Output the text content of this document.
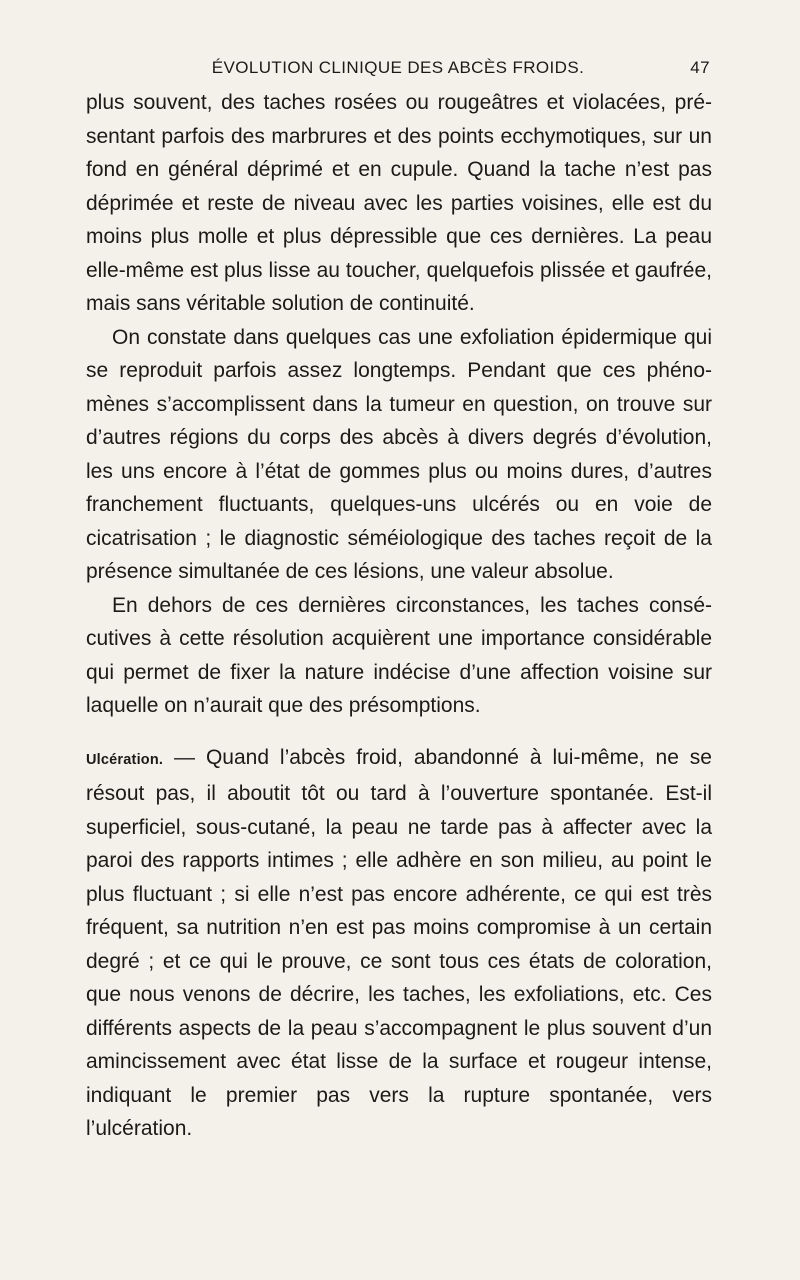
ÉVOLUTION CLINIQUE DES ABCÈS FROIDS.	47

plus souvent, des taches rosées ou rougeâtres et violacées, présentant parfois des marbrures et des points ecchymotiques, sur un fond en général déprimé et en cupule. Quand la tache n’est pas déprimée et reste de niveau avec les parties voisines, elle est du moins plus molle et plus dépressible que ces dernières. La peau elle-même est plus lisse au toucher, quelquefois plissée et gaufrée, mais sans véritable solution de continuité.

On constate dans quelques cas une exfoliation épidermique qui se reproduit parfois assez longtemps. Pendant que ces phénomènes s’accomplissent dans la tumeur en question, on trouve sur d’autres régions du corps des abcès à divers degrés d’évolution, les uns encore à l’état de gommes plus ou moins dures, d’autres franchement fluctuants, quelques-uns ulcérés ou en voie de cicatrisation ; le diagnostic séméiologique des taches reçoit de la présence simultanée de ces lésions, une valeur absolue.

En dehors de ces dernières circonstances, les taches consécutives à cette résolution acquièrent une importance considérable qui permet de fixer la nature indécise d’une affection voisine sur laquelle on n’aurait que des présomptions.

Ulcération. — Quand l’abcès froid, abandonné à lui-même, ne se résout pas, il aboutit tôt ou tard à l’ouverture spontanée. Est-il superficiel, sous-cutané, la peau ne tarde pas à affecter avec la paroi des rapports intimes ; elle adhère en son milieu, au point le plus fluctuant ; si elle n’est pas encore adhérente, ce qui est très fréquent, sa nutrition n’en est pas moins compromise à un certain degré ; et ce qui le prouve, ce sont tous ces états de coloration, que nous venons de décrire, les taches, les exfoliations, etc. Ces différents aspects de la peau s’accompagnent le plus souvent d’un amincissement avec état lisse de la surface et rougeur intense, indiquant le premier pas vers la rupture spontanée, vers l’ulcération.
